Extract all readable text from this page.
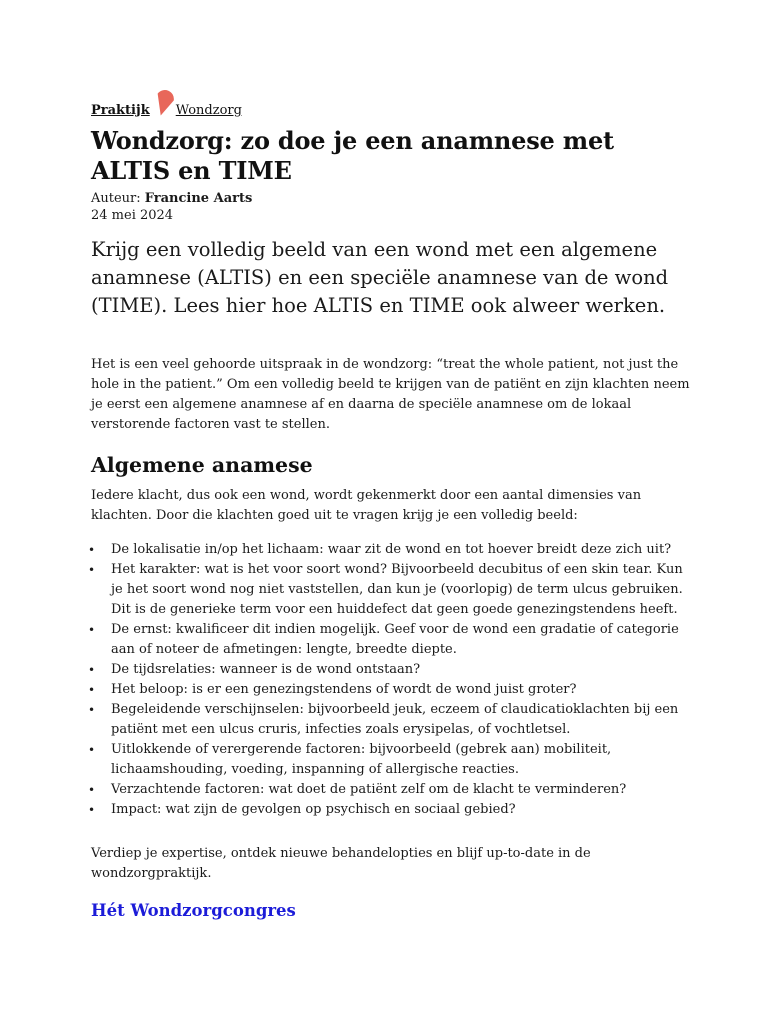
Praktijk Wondzorg
Wondzorg: zo doe je een anamnese met ALTIS en TIME
Auteur: Francine Aarts
24 mei 2024

Krijg een volledig beeld van een wond met een algemene anamnese (ALTIS) en een speciële anamnese van de wond (TIME). Lees hier hoe ALTIS en TIME ook alweer werken.

Het is een veel gehoorde uitspraak in de wondzorg: “treat the whole patient, not just the hole in the patient.” Om een volledig beeld te krijgen van de patiënt en zijn klachten neem je eerst een algemene anamnese af en daarna de speciële anamnese om de lokaal verstorende factoren vast te stellen.

Algemene anamese

Iedere klacht, dus ook een wond, wordt gekenmerkt door een aantal dimensies van klachten. Door die klachten goed uit te vragen krijg je een volledig beeld:

• De lokalisatie in/op het lichaam: waar zit de wond en tot hoever breidt deze zich uit?
• Het karakter: wat is het voor soort wond? Bijvoorbeeld decubitus of een skin tear. Kun je het soort wond nog niet vaststellen, dan kun je (voorlopig) de term ulcus gebruiken. Dit is de generieke term voor een huiddefect dat geen goede genezingstendens heeft.
• De ernst: kwalificeer dit indien mogelijk. Geef voor de wond een gradatie of categorie aan of noteer de afmetingen: lengte, breedte diepte.
• De tijdsrelaties: wanneer is de wond ontstaan?
• Het beloop: is er een genezingstendens of wordt de wond juist groter?
• Begeleidende verschijnselen: bijvoorbeeld jeuk, eczeem of claudicatioklachten bij een patiënt met een ulcus cruris, infecties zoals erysipelas, of vochtletsel.
• Uitlokkende of verergerende factoren: bijvoorbeeld (gebrek aan) mobiliteit, lichaamshouding, voeding, inspanning of allergische reacties.
• Verzachtende factoren: wat doet de patiënt zelf om de klacht te verminderen?
• Impact: wat zijn de gevolgen op psychisch en sociaal gebied?

Verdiep je expertise, ontdek nieuwe behandelopties en blijf up-to-date in de wondzorgpraktijk.

Hét Wondzorgcongres
